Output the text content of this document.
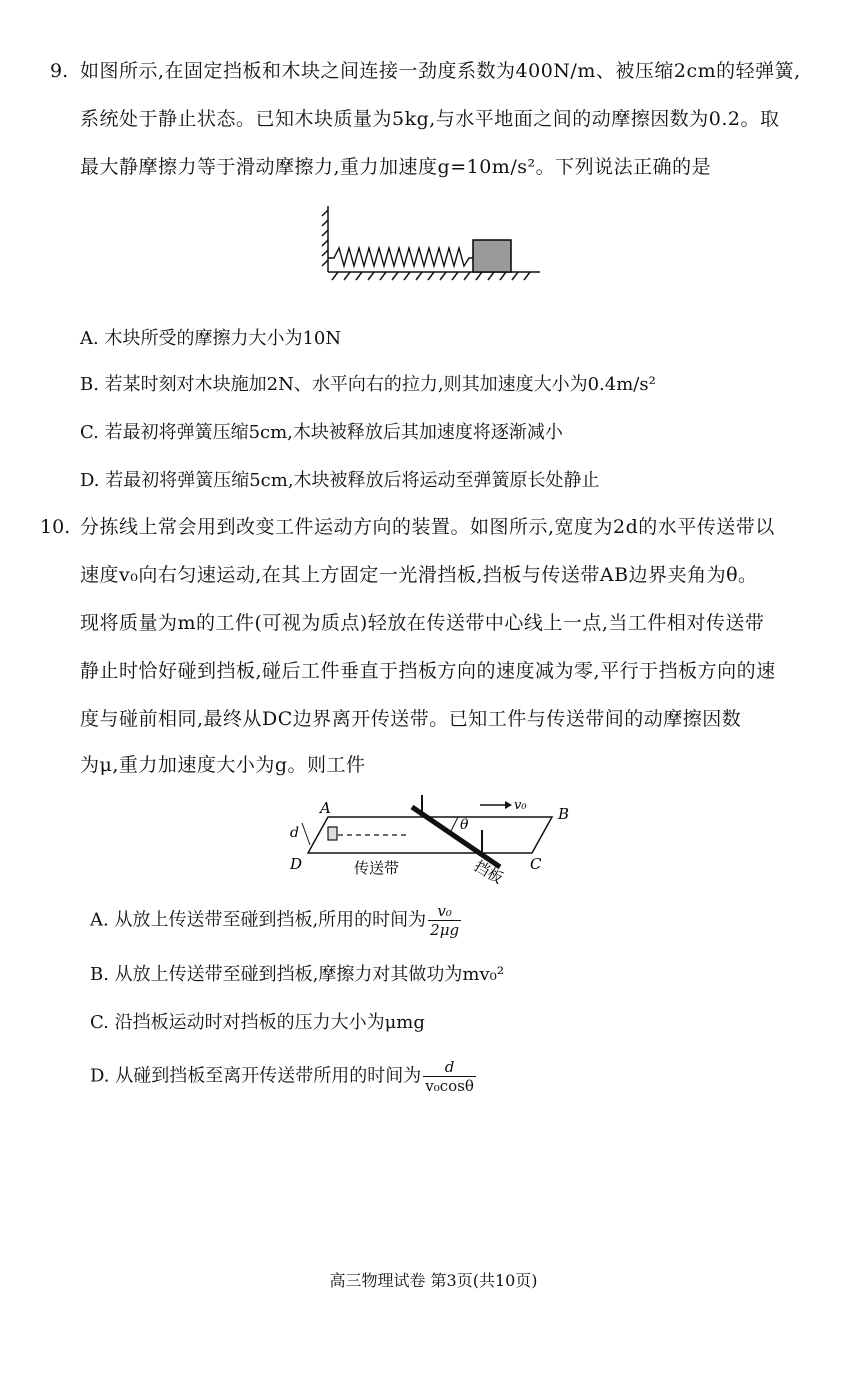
9. 如图所示,在固定挡板和木块之间连接一劲度系数为400N/m、被压缩2cm的轻弹簧,
系统处于静止状态。已知木块质量为5kg,与水平地面之间的动摩擦因数为0.2。取
最大静摩擦力等于滑动摩擦力,重力加速度g=10m/s²。下列说法正确的是
A. 木块所受的摩擦力大小为10N
B. 若某时刻对木块施加2N、水平向右的拉力,则其加速度大小为0.4m/s²
C. 若最初将弹簧压缩5cm,木块被释放后其加速度将逐渐减小
D. 若最初将弹簧压缩5cm,木块被释放后将运动至弹簧原长处静止
10. 分拣线上常会用到改变工件运动方向的装置。如图所示,宽度为2d的水平传送带以
速度v₀向右匀速运动,在其上方固定一光滑挡板,挡板与传送带AB边界夹角为θ。
现将质量为m的工件(可视为质点)轻放在传送带中心线上一点,当工件相对传送带
静止时恰好碰到挡板,碰后工件垂直于挡板方向的速度减为零,平行于挡板方向的速
度与碰前相同,最终从DC边界离开传送带。已知工件与传送带间的动摩擦因数
为μ,重力加速度大小为g。则工件
A	B
C
D
d	θ
v₀
传送带	挡板
A. 从放上传送带至碰到挡板,所用的时间为 $\frac{\text{v₀}}{2\mu g}$
B. 从放上传送带至碰到挡板,摩擦力对其做功为mv₀²
C. 沿挡板运动时对挡板的压力大小为μmg
D. 从碰到挡板至离开传送带所用的时间为 $\frac{d}{\text{v₀cosθ}}$
高三物理试卷 第3页(共10页)
